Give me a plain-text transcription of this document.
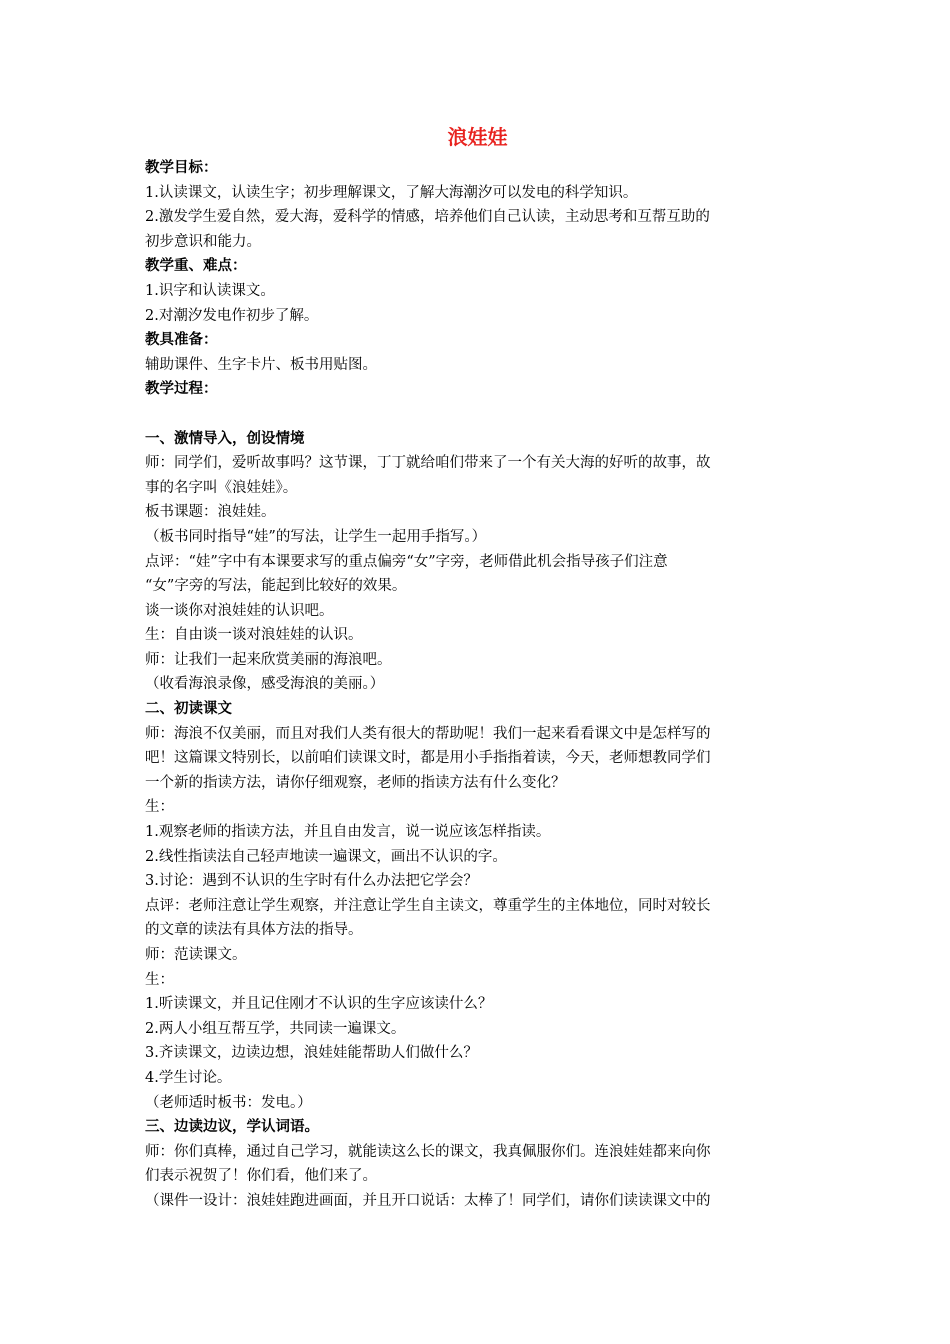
浪娃娃

教学目标：

1.认读课文，认读生字；初步理解课文，了解大海潮汐可以发电的科学知识。

2.激发学生爱自然，爱大海，爱科学的情感，培养他们自己认读，主动思考和互帮互助的

初步意识和能力。

教学重、难点：

1.识字和认读课文。

2.对潮汐发电作初步了解。

教具准备：

辅助课件、生字卡片、板书用贴图。

教学过程：

一、激情导入，创设情境

师：同学们，爱听故事吗？这节课，丁丁就给咱们带来了一个有关大海的好听的故事，故

事的名字叫《浪娃娃》。

板书课题：浪娃娃。

（板书同时指导“娃”的写法，让学生一起用手指写。）

点评：“娃”字中有本课要求写的重点偏旁“女”字旁，老师借此机会指导孩子们注意

“女”字旁的写法，能起到比较好的效果。

谈一谈你对浪娃娃的认识吧。

生：自由谈一谈对浪娃娃的认识。

师：让我们一起来欣赏美丽的海浪吧。

（收看海浪录像，感受海浪的美丽。）

二、初读课文

师：海浪不仅美丽，而且对我们人类有很大的帮助呢！我们一起来看看课文中是怎样写的

吧！这篇课文特别长，以前咱们读课文时，都是用小手指指着读，今天，老师想教同学们

一个新的指读方法，请你仔细观察，老师的指读方法有什么变化？

生：

1.观察老师的指读方法，并且自由发言，说一说应该怎样指读。

2.线性指读法自己轻声地读一遍课文，画出不认识的字。

3.讨论：遇到不认识的生字时有什么办法把它学会？

点评：老师注意让学生观察，并注意让学生自主读文，尊重学生的主体地位，同时对较长

的文章的读法有具体方法的指导。

师：范读课文。

生：

1.听读课文，并且记住刚才不认识的生字应该读什么？

2.两人小组互帮互学，共同读一遍课文。

3.齐读课文，边读边想，浪娃娃能帮助人们做什么？

4.学生讨论。

（老师适时板书：发电。）

三、边读边议，学认词语。

师：你们真棒，通过自己学习，就能读这么长的课文，我真佩服你们。连浪娃娃都来向你

们表示祝贺了！你们看，他们来了。

（课件一设计：浪娃娃跑进画面，并且开口说话：太棒了！同学们，请你们读读课文中的
